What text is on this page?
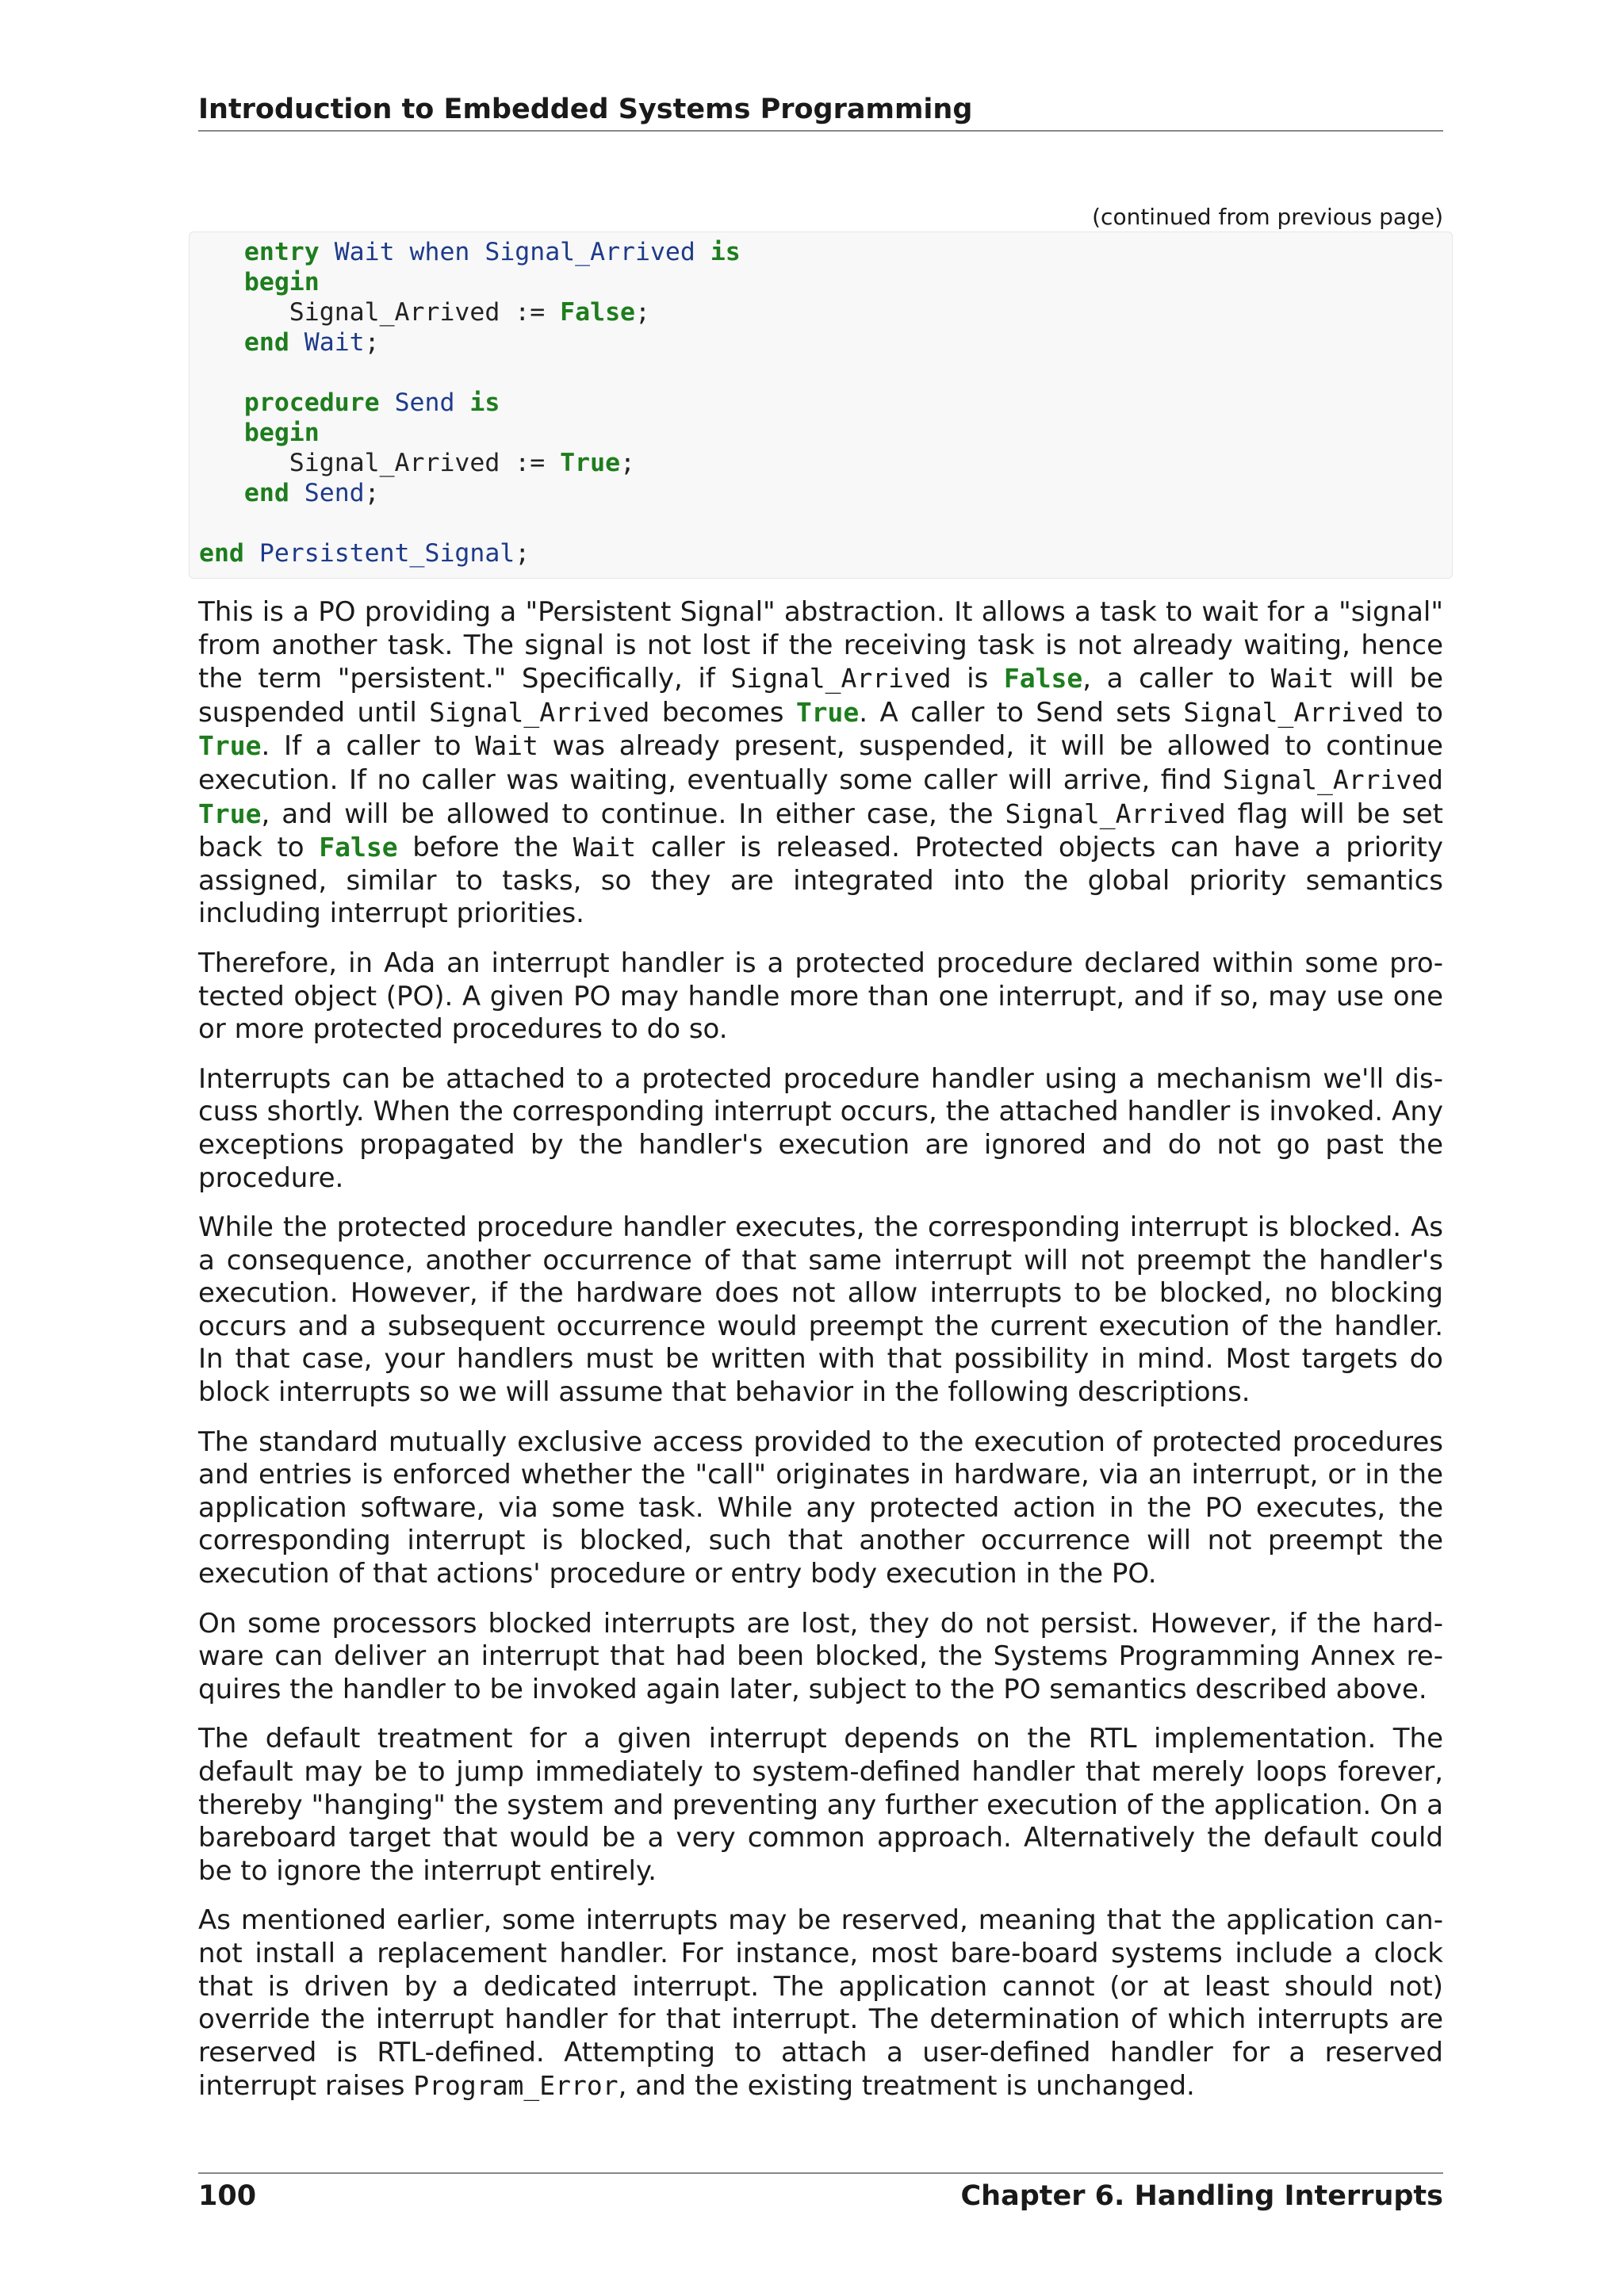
Introduction to Embedded Systems Programming
(continued from previous page)
entry Wait when Signal_Arrived is
begin
Signal_Arrived := False;
end Wait;

procedure Send is
begin
Signal_Arrived := True;
end Send;

end Persistent_Signal;

This is a PO providing a "Persistent Signal" abstraction. It allows a task to wait for a "signal" from another task. The signal is not lost if the receiving task is not already waiting, hence the term "persistent." Specifically, if Signal_Arrived is False, a caller to Wait will be suspended until Signal_Arrived becomes True. A caller to Send sets Signal_Arrived to True. If a caller to Wait was already present, suspended, it will be allowed to continue execution. If no caller was waiting, eventually some caller will arrive, find Signal_Arrived True, and will be allowed to continue. In either case, the Signal_Arrived flag will be set back to False before the Wait caller is released. Protected objects can have a priority assigned, similar to tasks, so they are integrated into the global priority semantics including interrupt priorities.

Therefore, in Ada an interrupt handler is a protected procedure declared within some protected object (PO). A given PO may handle more than one interrupt, and if so, may use one or more protected procedures to do so.

Interrupts can be attached to a protected procedure handler using a mechanism we'll discuss shortly. When the corresponding interrupt occurs, the attached handler is invoked. Any exceptions propagated by the handler's execution are ignored and do not go past the procedure.

While the protected procedure handler executes, the corresponding interrupt is blocked. As a consequence, another occurrence of that same interrupt will not preempt the handler's execution. However, if the hardware does not allow interrupts to be blocked, no blocking occurs and a subsequent occurrence would preempt the current execution of the handler. In that case, your handlers must be written with that possibility in mind. Most targets do block interrupts so we will assume that behavior in the following descriptions.

The standard mutually exclusive access provided to the execution of protected procedures and entries is enforced whether the "call" originates in hardware, via an interrupt, or in the application software, via some task. While any protected action in the PO executes, the corresponding interrupt is blocked, such that another occurrence will not preempt the execution of that actions' procedure or entry body execution in the PO.

On some processors blocked interrupts are lost, they do not persist. However, if the hardware can deliver an interrupt that had been blocked, the Systems Programming Annex requires the handler to be invoked again later, subject to the PO semantics described above.

The default treatment for a given interrupt depends on the RTL implementation. The default may be to jump immediately to system-defined handler that merely loops forever, thereby "hanging" the system and preventing any further execution of the application. On a bareboard target that would be a very common approach. Alternatively the default could be to ignore the interrupt entirely.

As mentioned earlier, some interrupts may be reserved, meaning that the application cannot install a replacement handler. For instance, most bare-board systems include a clock that is driven by a dedicated interrupt. The application cannot (or at least should not) override the interrupt handler for that interrupt. The determination of which interrupts are reserved is RTL-defined. Attempting to attach a user-defined handler for a reserved interrupt raises Program_Error, and the existing treatment is unchanged.

100	Chapter 6. Handling Interrupts
